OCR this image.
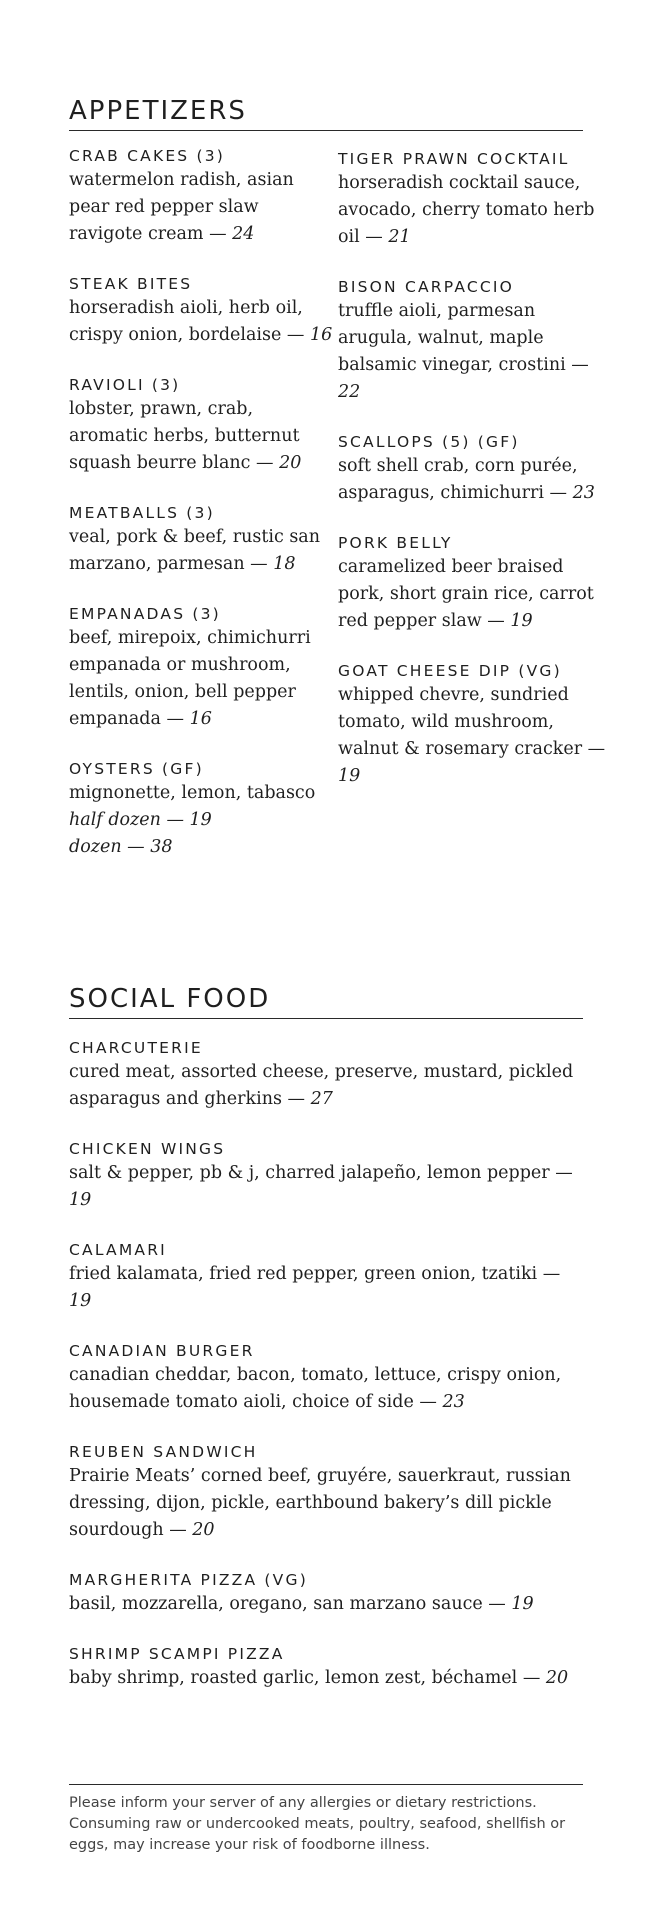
APPETIZERS
CRAB CAKES (3)
watermelon radish, asian pear red pepper slaw ravigote cream — 24
STEAK BITES
horseradish aioli, herb oil, crispy onion, bordelaise — 16
RAVIOLI (3)
lobster, prawn, crab, aromatic herbs, butternut squash beurre blanc — 20
MEATBALLS (3)
veal, pork & beef, rustic san marzano, parmesan — 18
EMPANADAS (3)
beef, mirepoix, chimichurri empanada or mushroom, lentils, onion, bell pepper empanada — 16
OYSTERS (GF)
mignonette, lemon, tabasco
half dozen — 19
dozen — 38
TIGER PRAWN COCKTAIL
horseradish cocktail sauce, avocado, cherry tomato herb oil — 21
BISON CARPACCIO
truffle aioli, parmesan arugula, walnut, maple balsamic vinegar, crostini — 22
SCALLOPS (5) (GF)
soft shell crab, corn purée, asparagus, chimichurri — 23
PORK BELLY
caramelized beer braised pork, short grain rice, carrot red pepper slaw — 19
GOAT CHEESE DIP (VG)
whipped chevre, sundried tomato, wild mushroom, walnut & rosemary cracker — 19
SOCIAL FOOD
CHARCUTERIE
cured meat, assorted cheese, preserve, mustard, pickled asparagus and gherkins — 27
CHICKEN WINGS
salt & pepper, pb & j, charred jalapeño, lemon pepper — 19
CALAMARI
fried kalamata, fried red pepper, green onion, tzatiki — 19
CANADIAN BURGER
canadian cheddar, bacon, tomato, lettuce, crispy onion, housemade tomato aioli, choice of side — 23
REUBEN SANDWICH
Prairie Meats’ corned beef, gruyére, sauerkraut, russian dressing, dijon, pickle, earthbound bakery’s dill pickle sourdough — 20
MARGHERITA PIZZA (VG)
basil, mozzarella, oregano, san marzano sauce — 19
SHRIMP SCAMPI PIZZA
baby shrimp, roasted garlic, lemon zest, béchamel — 20
Please inform your server of any allergies or dietary restrictions. Consuming raw or undercooked meats, poultry, seafood, shellfish or eggs, may increase your risk of foodborne illness.
